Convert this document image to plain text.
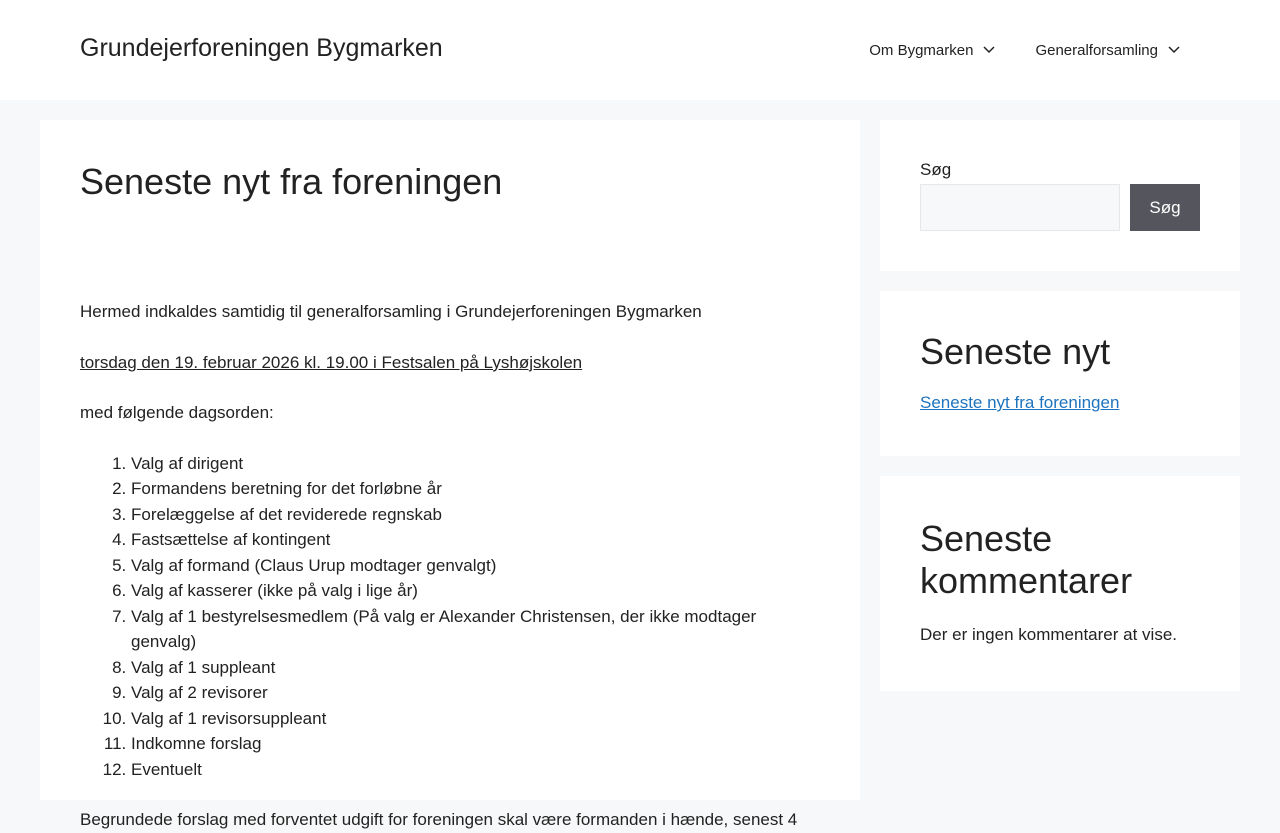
Grundejerforeningen Bygmarken	Om Bygmarken	Generalforsamling
Seneste nyt fra foreningen

Hermed indkaldes samtidig til generalforsamling i Grundejerforeningen Bygmarken

torsdag den 19. februar 2026 kl. 19.00 i Festsalen på Lyshøjskolen

med følgende dagsorden:

1. Valg af dirigent
2. Formandens beretning for det forløbne år
3. Forelæggelse af det reviderede regnskab
4. Fastsættelse af kontingent
5. Valg af formand (Claus Urup modtager genvalgt)
6. Valg af kasserer (ikke på valg i lige år)
7. Valg af 1 bestyrelsesmedlem (På valg er Alexander Christensen, der ikke modtager genvalg)
8. Valg af 1 suppleant
9. Valg af 2 revisorer
10. Valg af 1 revisorsuppleant
11. Indkomne forslag
12. Eventuelt

Begrundede forslag med forventet udgift for foreningen skal være formanden i hænde, senest 4

Søg
Søg
Seneste nyt
Seneste nyt fra foreningen
Seneste kommentarer

Der er ingen kommentarer at vise.
